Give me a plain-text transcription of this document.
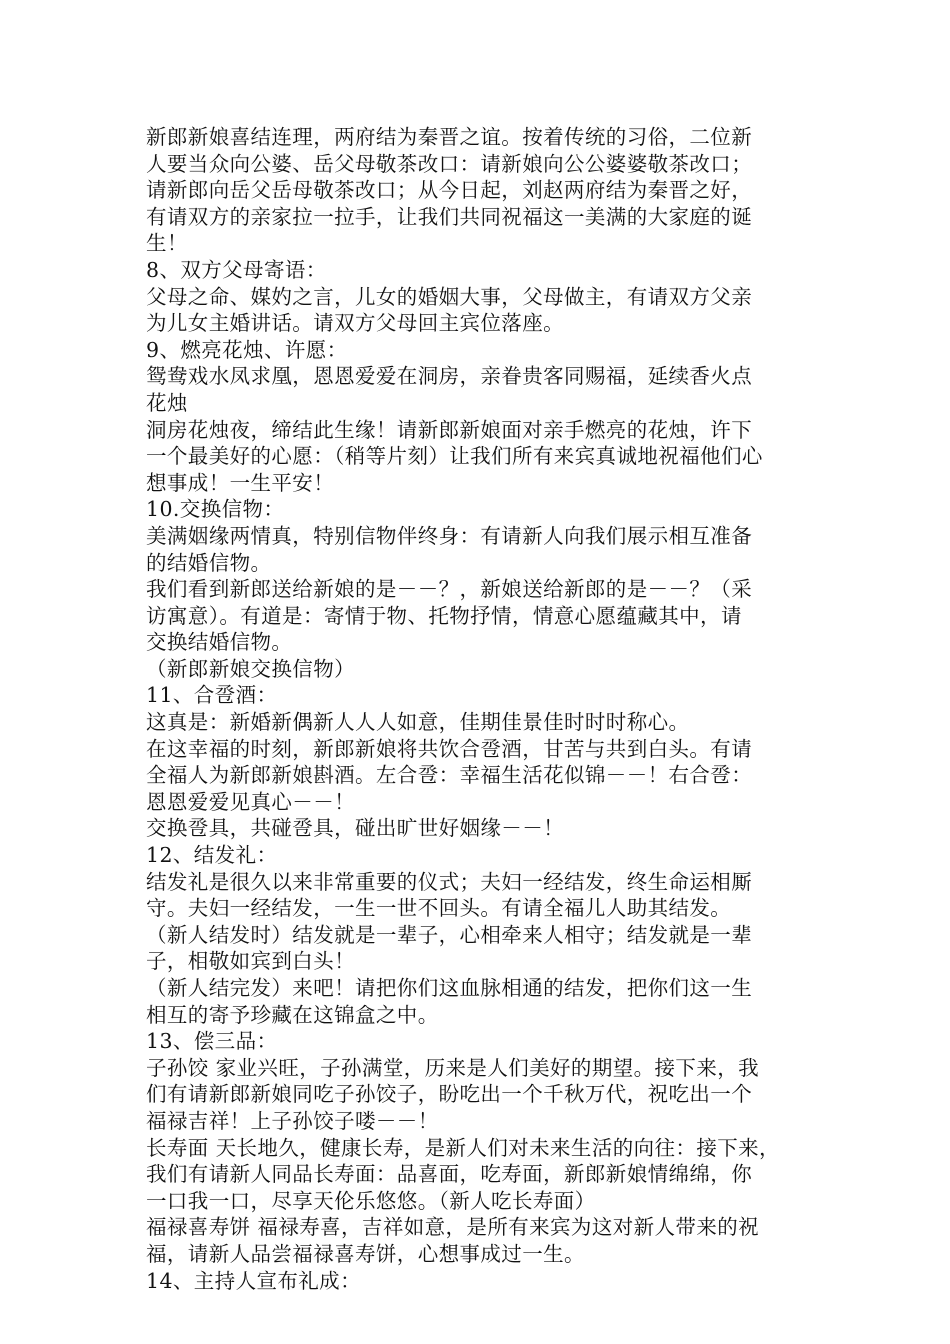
新郎新娘喜结连理，两府结为秦晋之谊。按着传统的习俗，二位新
人要当众向公婆、岳父母敬茶改口：请新娘向公公婆婆敬茶改口；
请新郎向岳父岳母敬茶改口；从今日起，刘赵两府结为秦晋之好，
有请双方的亲家拉一拉手，让我们共同祝福这一美满的大家庭的诞
生！
8、双方父母寄语：
父母之命、媒妁之言，儿女的婚姻大事，父母做主，有请双方父亲
为儿女主婚讲话。请双方父母回主宾位落座。
9、燃亮花烛、许愿：
鸳鸯戏水凤求凰，恩恩爱爱在洞房，亲眷贵客同赐福，延续香火点
花烛
洞房花烛夜，缔结此生缘！请新郎新娘面对亲手燃亮的花烛，许下
一个最美好的心愿：（稍等片刻）让我们所有来宾真诚地祝福他们心
想事成！一生平安！
10.交换信物：
美满姻缘两情真，特别信物伴终身：有请新人向我们展示相互准备
的结婚信物。
我们看到新郎送给新娘的是－－？，新娘送给新郎的是－－？（采
访寓意）。有道是：寄情于物、托物抒情，情意心愿蕴藏其中，请
交换结婚信物。
（新郎新娘交换信物）
11、合卺酒：
这真是：新婚新偶新人人人如意，佳期佳景佳时时时称心。
在这幸福的时刻，新郎新娘将共饮合卺酒，甘苦与共到白头。有请
全福人为新郎新娘斟酒。左合卺：幸福生活花似锦－－！右合卺：
恩恩爱爱见真心－－！
交换卺具，共碰卺具，碰出旷世好姻缘－－！
12、结发礼：
结发礼是很久以来非常重要的仪式；夫妇一经结发，终生命运相厮
守。夫妇一经结发，一生一世不回头。有请全福儿人助其结发。
（新人结发时）结发就是一辈子，心相牵来人相守；结发就是一辈
子，相敬如宾到白头！
（新人结完发）来吧！请把你们这血脉相通的结发，把你们这一生
相互的寄予珍藏在这锦盒之中。
13、偿三品：
子孙饺 家业兴旺，子孙满堂，历来是人们美好的期望。接下来，我
们有请新郎新娘同吃子孙饺子，盼吃出一个千秋万代，祝吃出一个
福禄吉祥！上子孙饺子喽－－！
长寿面 天长地久，健康长寿，是新人们对未来生活的向往：接下来，
我们有请新人同品长寿面：品喜面，吃寿面，新郎新娘情绵绵，你
一口我一口，尽享天伦乐悠悠。（新人吃长寿面）
福禄喜寿饼 福禄寿喜，吉祥如意，是所有来宾为这对新人带来的祝
福，请新人品尝福禄喜寿饼，心想事成过一生。
14、主持人宣布礼成：
